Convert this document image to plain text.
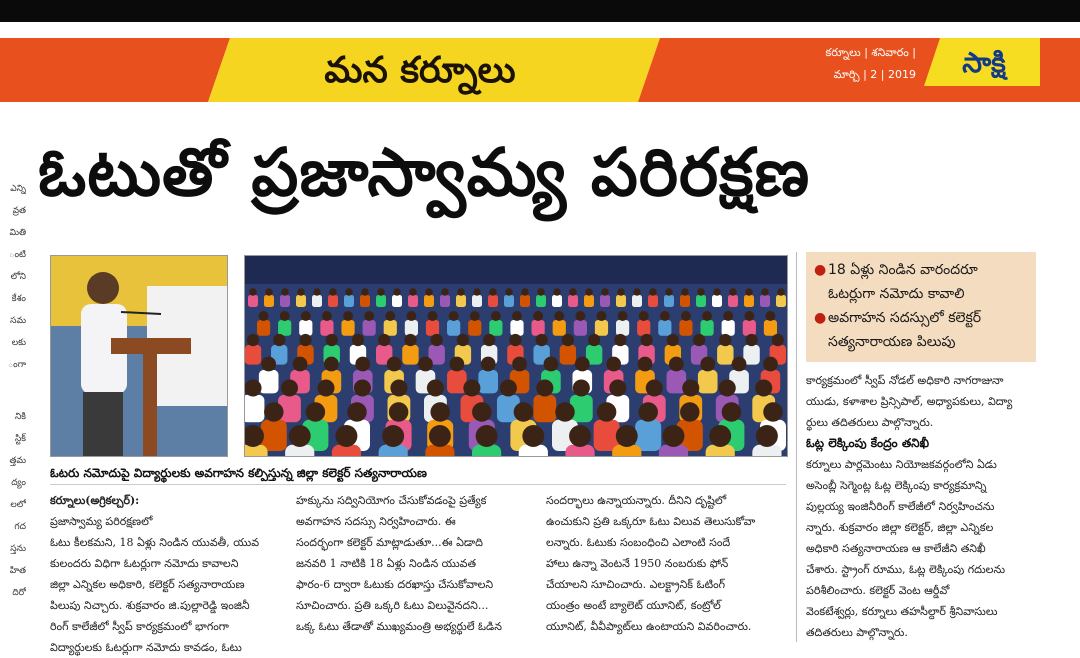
మన కర్నూలు	కర్నూలు | శనివారం |
మార్చి | 2 | 2019	సాక్షి
ఓటుతో ప్రజాస్వామ్య పరిరక్షణ
ఎన్ని
వ్రత
మితి
ంటి
లోని
కేశం
సమ
లకు
ంగా
నికి
స్టిక్
త్తమ
ద్యం
లలో
గద
స్తను
హిత
దిరో
ఓటరు నమోదుపై విద్యార్థులకు అవగాహన కల్పిస్తున్న జిల్లా కలెక్టర్ సత్యనారాయణ
● 18 ఏళ్లు నిండిన వారందరూ
ఓటర్లుగా నమోదు కావాలి
● అవగాహన సదస్సులో కలెక్టర్
సత్యనారాయణ పిలుపు
కర్నూలు(అగ్రికల్చర్):
ప్రజాస్వామ్య పరిరక్షణలో
ఓటు కీలకమని, 18 ఏళ్లు నిండిన యువతీ, యువ
కులందరు విధిగా ఓటర్లుగా నమోదు కావాలని
జిల్లా ఎన్నికల అధికారి, కలెక్టర్ సత్యనారాయణ
పిలుపు నిచ్చారు. శుక్రవారం జి.పుల్లారెడ్డి ఇంజినీ
రింగ్ కాలేజీలో స్వీప్ కార్యక్రమంలో భాగంగా
విద్యార్థులకు ఓటర్లుగా నమోదు కావడం, ఓటు
హక్కును సద్వినియోగం చేసుకోవడంపై ప్రత్యేక
అవగాహన సదస్సు నిర్వహించారు. ఈ
సందర్భంగా కలెక్టర్ మాట్లాడుతూ...ఈ ఏడాది
జనవరి 1 నాటికి 18 ఏళ్లు నిండిన యువత
ఫారం-6 ద్వారా ఓటుకు దరఖాస్తు చేసుకోవాలని
సూచించారు. ప్రతి ఒక్కరి ఓటు విలువైనదని...
ఒక్క ఓటు తేడాతో ముఖ్యమంత్రి అభ్యర్థులే ఓడిన
సందర్భాలు ఉన్నాయన్నారు. దీనిని దృష్టిలో
ఉంచుకుని ప్రతి ఒక్కరూ ఓటు విలువ తెలుసుకోవా
లన్నారు. ఓటుకు సంబంధించి ఎలాంటి సందే
హాలు ఉన్నా వెంటనే 1950 నంబరుకు ఫోన్
చేయాలని సూచించారు. ఎలక్ట్రానిక్ ఓటింగ్
యంత్రం అంటే బ్యాలెట్ యూనిట్, కంట్రోల్
యూనిట్, వీవీప్యాట్‌లు ఉంటాయని వివరించారు.
కార్యక్రమంలో స్వీప్ నోడల్ అధికారి నాగరాజునా
యుడు, కళాశాల ప్రిన్సిపాల్, అధ్యాపకులు, విద్యా
ర్థులు తదితరులు పాల్గొన్నారు.
ఓట్ల లెక్కింపు కేంద్రం తనిఖీ
కర్నూలు పార్లమెంటు నియోజకవర్గంలోని ఏడు
అసెంబ్లీ సెగ్మెంట్ల ఓట్ల లెక్కింపు కార్యక్రమాన్ని
పుల్లయ్య ఇంజినీరింగ్ కాలేజీలో నిర్వహించను
న్నారు. శుక్రవారం జిల్లా కలెక్టర్, జిల్లా ఎన్నికల
అధికారి సత్యనారాయణ ఆ కాలేజీని తనిఖీ
చేశారు. స్ట్రాంగ్ రూము, ఓట్ల లెక్కింపు గదులను
పరిశీలించారు. కలెక్టర్ వెంట ఆర్డీవో
వెంకటేశ్వర్లు, కర్నూలు తహసీల్దార్ శ్రీనివాసులు
తదితరులు పాల్గొన్నారు.
